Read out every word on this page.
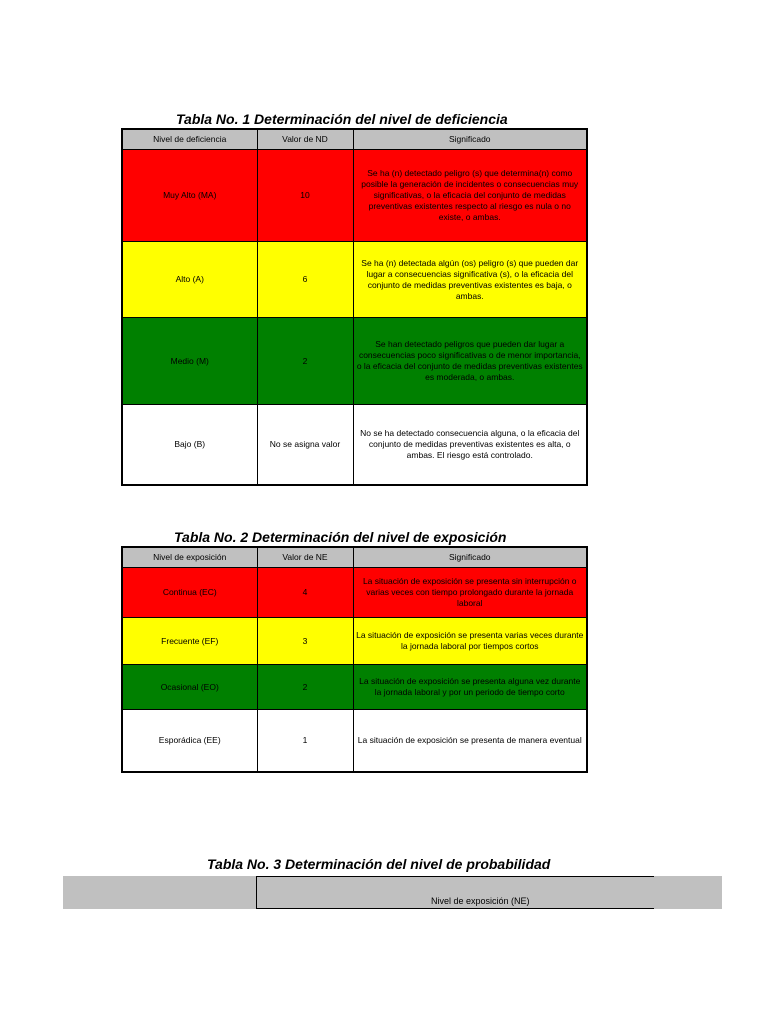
Tabla No. 1 Determinación del nivel de deficiencia
Nivel de deficiencia	Valor de ND	Significado
Muy Alto (MA)	10	Se ha (n) detectado peligro (s) que determina(n) como posible la generación de incidentes o consecuencias muy significativas, o la eficacia del conjunto de medidas preventivas existentes respecto al riesgo es nula o no existe, o ambas.
Alto (A)	6	Se ha (n) detectada algún (os) peligro (s) que pueden dar lugar a consecuencias significativa (s), o la eficacia del conjunto de medidas preventivas existentes es baja, o ambas.
Medio (M)	2	Se han detectado peligros que pueden dar lugar a consecuencias poco significativas o de menor importancia, o la eficacia del conjunto de medidas preventivas existentes es moderada, o ambas.
Bajo (B)	No se asigna valor	No se ha detectado consecuencia alguna, o la eficacia del conjunto de medidas preventivas existentes es alta, o ambas. El riesgo está controlado.
Tabla No. 2 Determinación del nivel de exposición
Nivel de exposición	Valor de NE	Significado
Continua (EC)	4	La situación de exposición se presenta sin interrupción o varias veces con tiempo prolongado durante la jornada laboral
Frecuente (EF)	3	La situación de exposición se presenta varias veces durante la jornada laboral por tiempos cortos
Ocasional (EO)	2	La situación de exposición se presenta alguna vez durante la jornada laboral y por un periodo de tiempo corto
Esporádica (EE)	1	La situación de exposición se presenta de manera eventual
Tabla No. 3 Determinación del nivel de probabilidad
Nivel de exposición (NE)
